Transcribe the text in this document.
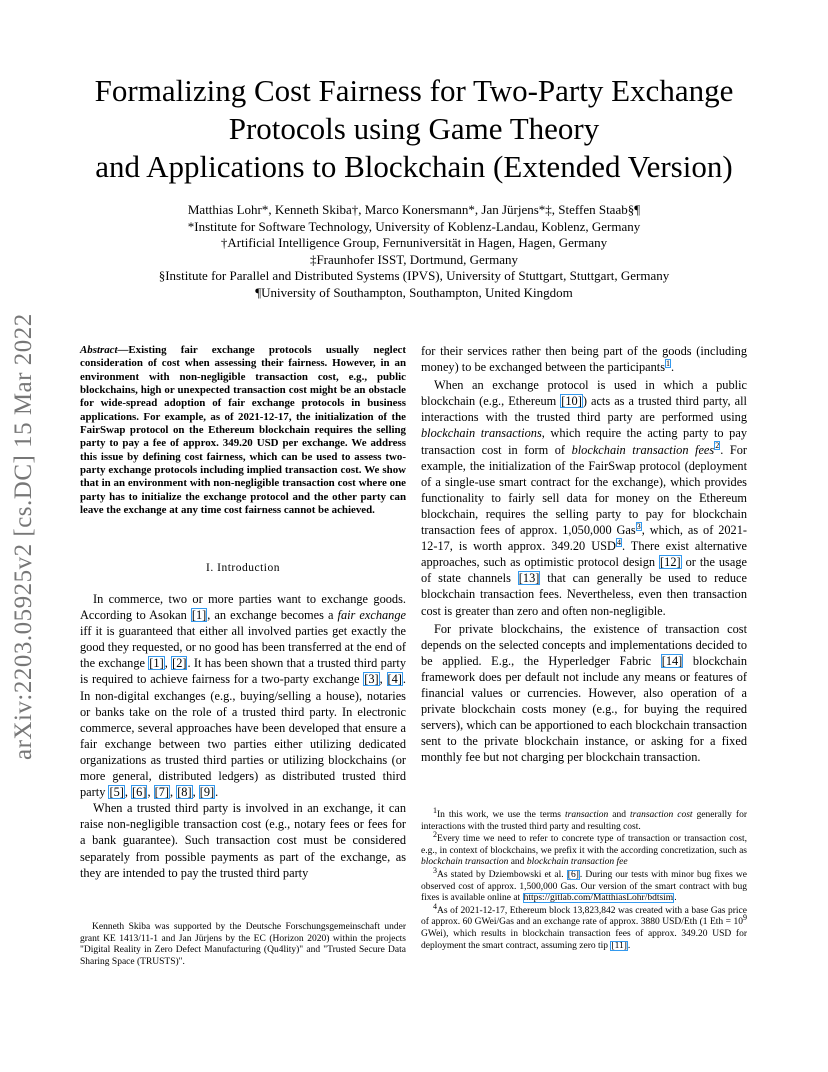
arXiv:2203.05925v2 [cs.DC] 15 Mar 2022
Formalizing Cost Fairness for Two-Party Exchange
Protocols using Game Theory
and Applications to Blockchain (Extended Version)
Matthias Lohr*, Kenneth Skiba†, Marco Konersmann*, Jan Jürjens*‡, Steffen Staab§¶
*Institute for Software Technology, University of Koblenz-Landau, Koblenz, Germany
†Artificial Intelligence Group, Fernuniversität in Hagen, Hagen, Germany
‡Fraunhofer ISST, Dortmund, Germany
§Institute for Parallel and Distributed Systems (IPVS), University of Stuttgart, Stuttgart, Germany
¶University of Southampton, Southampton, United Kingdom
Abstract—Existing fair exchange protocols usually neglect consideration of cost when assessing their fairness. However, in an environment with non-negligible transaction cost, e.g., public blockchains, high or unexpected transaction cost might be an obstacle for wide-spread adoption of fair exchange protocols in business applications. For example, as of 2021-12-17, the initialization of the FairSwap protocol on the Ethereum blockchain requires the selling party to pay a fee of approx. 349.20 USD per exchange. We address this issue by defining cost fairness, which can be used to assess two-party exchange protocols including implied transaction cost. We show that in an environment with non-negligible transaction cost where one party has to initialize the exchange protocol and the other party can leave the exchange at any time cost fairness cannot be achieved.
I. Introduction

In commerce, two or more parties want to exchange goods. According to Asokan [1], an exchange becomes a fair exchange iff it is guaranteed that either all involved parties get exactly the good they requested, or no good has been transferred at the end of the exchange [1], [2]. It has been shown that a trusted third party is required to achieve fairness for a two-party exchange [3], [4]. In non-digital exchanges (e.g., buying/selling a house), notaries or banks take on the role of a trusted third party. In electronic commerce, several approaches have been developed that ensure a fair exchange between two parties either utilizing dedicated organizations as trusted third parties or utilizing blockchains (or more general, distributed ledgers) as distributed trusted third party [5], [6], [7], [8], [9].

When a trusted third party is involved in an exchange, it can raise non-negligible transaction cost (e.g., notary fees or fees for a bank guarantee). Such transaction cost must be considered separately from possible payments as part of the exchange, as they are intended to pay the trusted third party

Kenneth Skiba was supported by the Deutsche Forschungsgemeinschaft under grant KE 1413/11-1 and Jan Jürjens by the EC (Horizon 2020) within the projects "Digital Reality in Zero Defect Manufacturing (Qu4lity)" and "Trusted Secure Data Sharing Space (TRUSTS)".

for their services rather then being part of the goods (including money) to be exchanged between the participants$^1$.

When an exchange protocol is used in which a public blockchain (e.g., Ethereum [10]) acts as a trusted third party, all interactions with the trusted third party are performed using blockchain transactions, which require the acting party to pay transaction cost in form of blockchain transaction fees$^2$. For example, the initialization of the FairSwap protocol (deployment of a single-use smart contract for the exchange), which provides functionality to fairly sell data for money on the Ethereum blockchain, requires the selling party to pay for blockchain transaction fees of approx. 1,050,000 Gas$^3$, which, as of 2021-12-17, is worth approx. 349.20 USD$^4$. There exist alternative approaches, such as optimistic protocol design [12] or the usage of state channels [13] that can generally be used to reduce blockchain transaction fees. Nevertheless, even then transaction cost is greater than zero and often non-negligible.

For private blockchains, the existence of transaction cost depends on the selected concepts and implementations decided to be applied. E.g., the Hyperledger Fabric [14] blockchain framework does per default not include any means or features of financial values or currencies. However, also operation of a private blockchain costs money (e.g., for buying the required servers), which can be apportioned to each blockchain transaction sent to the private blockchain instance, or asking for a fixed monthly fee but not charging per blockchain transaction.

$^1$In this work, we use the terms transaction and transaction cost generally for interactions with the trusted third party and resulting cost.

$^2$Every time we need to refer to concrete type of transaction or transaction cost, e.g., in context of blockchains, we prefix it with the according concretization, such as blockchain transaction and blockchain transaction fee

$^3$As stated by Dziembowski et al. [6]. During our tests with minor bug fixes we observed cost of approx. 1,500,000 Gas. Our version of the smart contract with bug fixes is available online at https://gitlab.com/MatthiasLohr/bdtsim.

$^4$As of 2021-12-17, Ethereum block 13,823,842 was created with a base Gas price of approx. 60 GWei/Gas and an exchange rate of approx. 3880 USD/Eth (1 Eth = $10^9$ GWei), which results in blockchain transaction fees of approx. 349.20 USD for deployment the smart contract, assuming zero tip [11].
